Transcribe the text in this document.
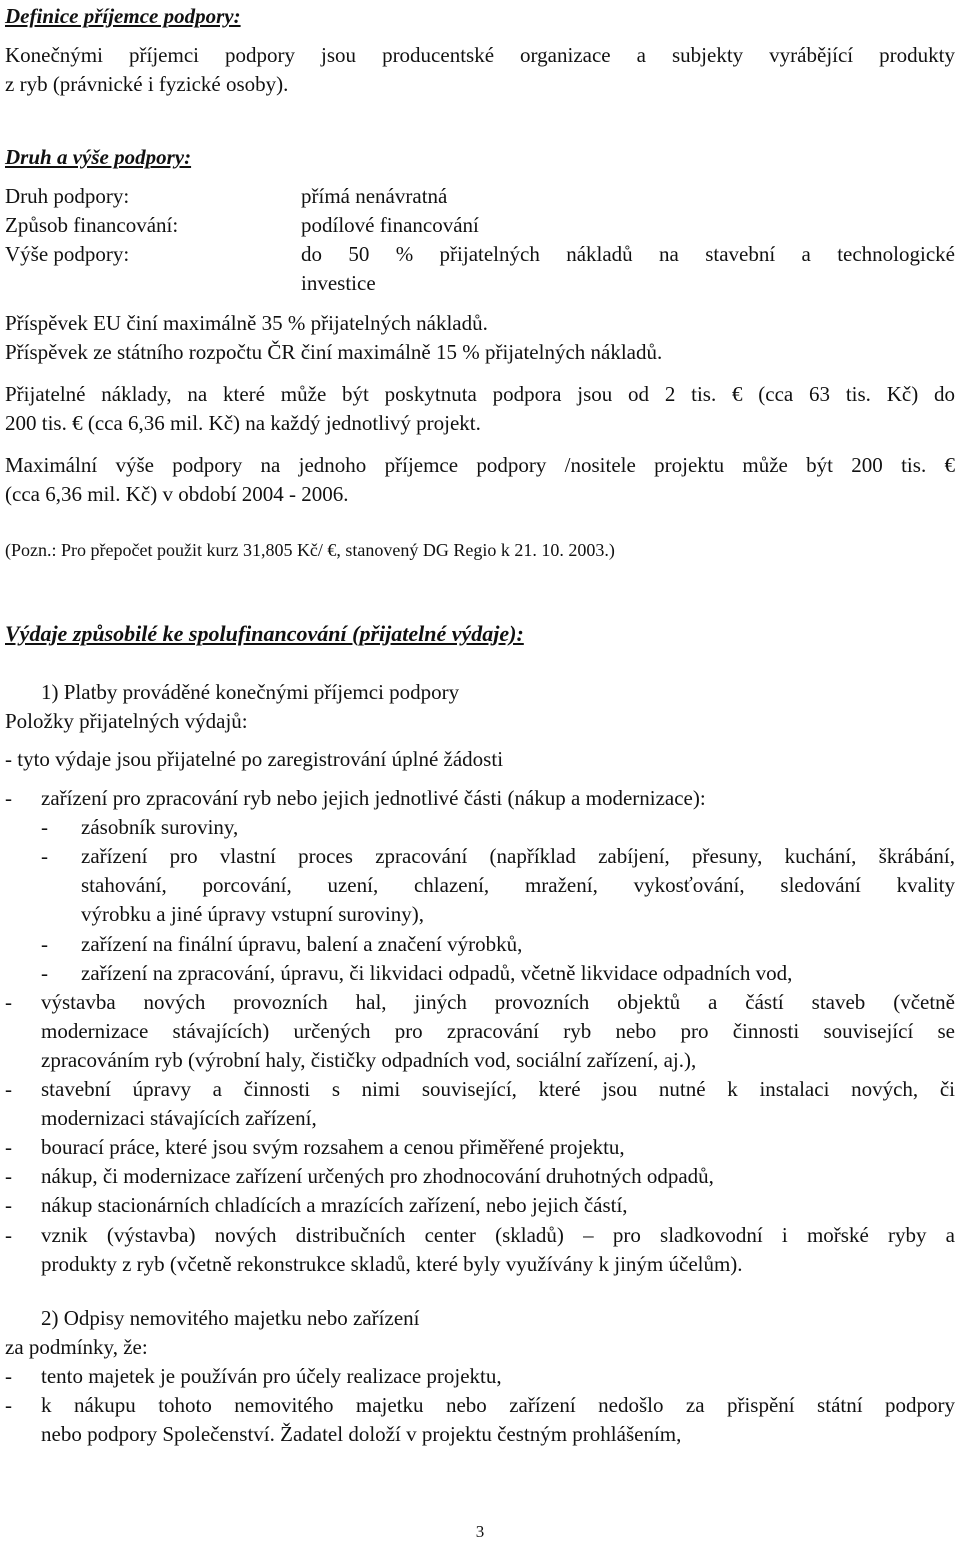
Definice příjemce podpory:
Konečnými příjemci podpory jsou producentské organizace a subjekty vyrábějící produkty
z ryb (právnické i fyzické osoby).
Druh a výše podpory:
Druh podpory:	přímá nenávratná
Způsob financování:	podílové financování
Výše podpory:	do 50 % přijatelných nákladů na stavební a technologické
investice
Příspěvek EU činí maximálně 35 % přijatelných nákladů.
Příspěvek ze státního rozpočtu ČR činí maximálně 15 % přijatelných nákladů.
Přijatelné náklady, na které může být poskytnuta podpora jsou od 2 tis. € (cca 63 tis. Kč) do
200 tis. € (cca 6,36 mil. Kč) na každý jednotlivý projekt.
Maximální výše podpory na jednoho příjemce podpory /nositele projektu může být 200 tis. €
(cca 6,36 mil. Kč) v období 2004 - 2006.
(Pozn.: Pro přepočet použit kurz 31,805 Kč/ €, stanovený DG Regio k 21. 10. 2003.)
Výdaje způsobilé ke spolufinancování (přijatelné výdaje):
1) Platby prováděné konečnými příjemci podpory
Položky přijatelných výdajů:
- tyto výdaje jsou přijatelné po zaregistrování úplné žádosti
- zařízení pro zpracování ryb nebo jejich jednotlivé části (nákup a modernizace):
- zásobník suroviny,
- zařízení pro vlastní proces zpracování (například zabíjení, přesuny, kuchání, škrábání,
stahování, porcování, uzení, chlazení, mražení, vykosťování, sledování kvality
výrobku a jiné úpravy vstupní suroviny),
- zařízení na finální úpravu, balení a značení výrobků,
- zařízení na zpracování, úpravu, či likvidaci odpadů, včetně likvidace odpadních vod,
- výstavba nových provozních hal, jiných provozních objektů a částí staveb (včetně
modernizace stávajících) určených pro zpracování ryb nebo pro činnosti související se
zpracováním ryb (výrobní haly, čističky odpadních vod, sociální zařízení, aj.),
- stavební úpravy a činnosti s nimi související, které jsou nutné k instalaci nových, či
modernizaci stávajících zařízení,
- bourací práce, které jsou svým rozsahem a cenou přiměřené projektu,
- nákup, či modernizace zařízení určených pro zhodnocování druhotných odpadů,
- nákup stacionárních chladících a mrazících zařízení, nebo jejich částí,
- vznik (výstavba) nových distribučních center (skladů) – pro sladkovodní i mořské ryby a
produkty z ryb (včetně rekonstrukce skladů, které byly využívány k jiným účelům).
2) Odpisy nemovitého majetku nebo zařízení
za podmínky, že:
- tento majetek je používán pro účely realizace projektu,
- k nákupu tohoto nemovitého majetku nebo zařízení nedošlo za přispění státní podpory
nebo podpory Společenství. Žadatel doloží v projektu čestným prohlášením,
3
